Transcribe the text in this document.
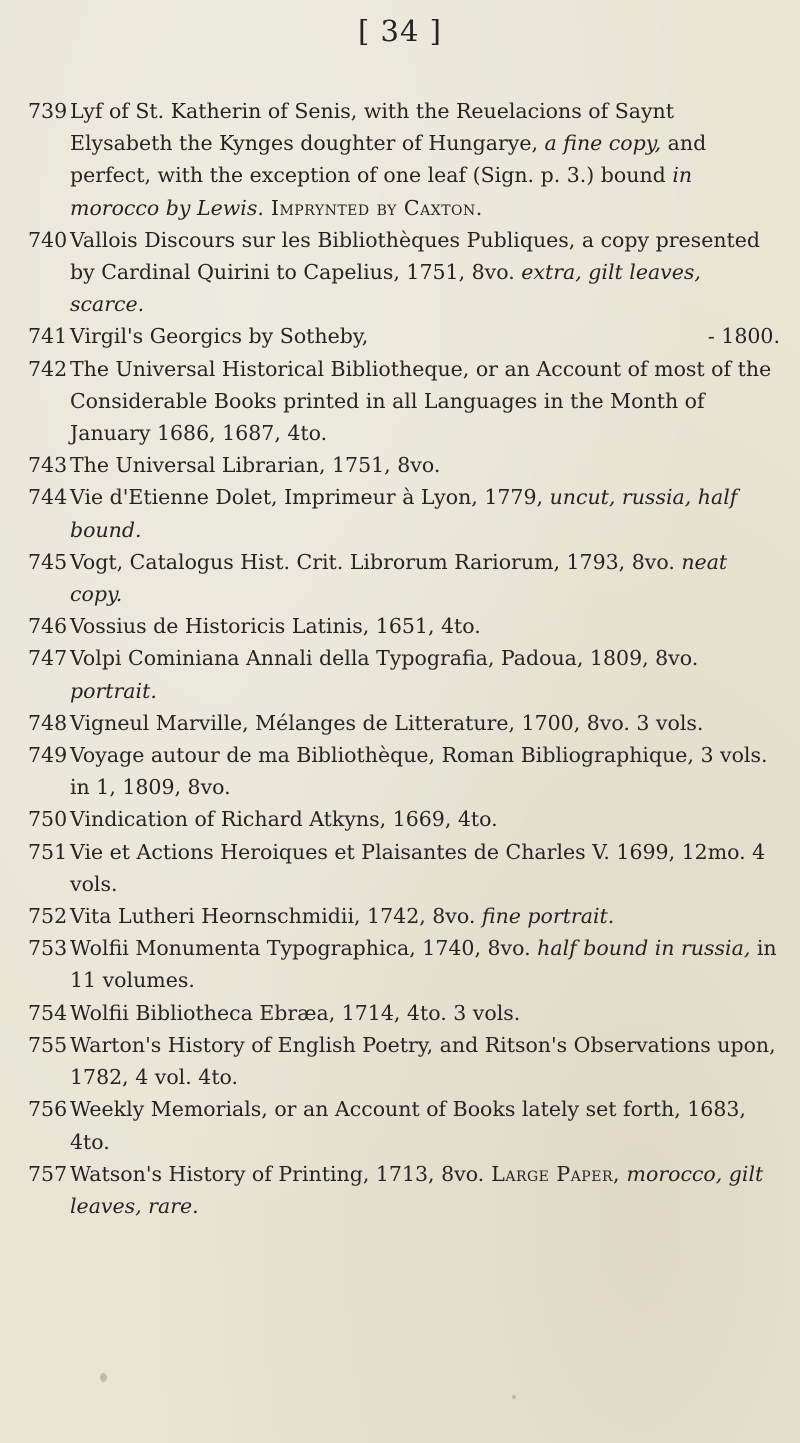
[ 34 ]
739 Lyf of St. Katherin of Senis, with the Reuelacions of Saynt Elysabeth the Kynges doughter of Hungarye, a fine copy, and perfect, with the exception of one leaf (Sign. p. 3.) bound in morocco by Lewis. Imprynted by Caxton.
740 Vallois Discours sur les Bibliothèques Publiques, a copy presented by Cardinal Quirini to Capelius, 1751, 8vo. extra, gilt leaves, scarce.
741 Virgil's Georgics by Sotheby,	- 1800.
742 The Universal Historical Bibliotheque, or an Account of most of the Considerable Books printed in all Languages in the Month of January 1686, 1687, 4to.
743 The Universal Librarian, 1751, 8vo.
744 Vie d'Etienne Dolet, Imprimeur à Lyon, 1779, uncut, russia, half bound.
745 Vogt, Catalogus Hist. Crit. Librorum Rariorum, 1793, 8vo. neat copy.
746 Vossius de Historicis Latinis, 1651, 4to.
747 Volpi Cominiana Annali della Typografia, Padoua, 1809, 8vo. portrait.
748 Vigneul Marville, Mélanges de Litterature, 1700, 8vo. 3 vols.
749 Voyage autour de ma Bibliothèque, Roman Bibliographique, 3 vols. in 1, 1809, 8vo.
750 Vindication of Richard Atkyns, 1669, 4to.
751 Vie et Actions Heroiques et Plaisantes de Charles V. 1699, 12mo. 4 vols.
752 Vita Lutheri Heornschmidii, 1742, 8vo. fine portrait.
753 Wolfii Monumenta Typographica, 1740, 8vo. half bound in russia, in 11 volumes.
754 Wolfii Bibliotheca Ebræa, 1714, 4to. 3 vols.
755 Warton's History of English Poetry, and Ritson's Observations upon, 1782, 4 vol. 4to.
756 Weekly Memorials, or an Account of Books lately set forth, 1683, 4to.
757 Watson's History of Printing, 1713, 8vo. Large Paper, morocco, gilt leaves, rare.
